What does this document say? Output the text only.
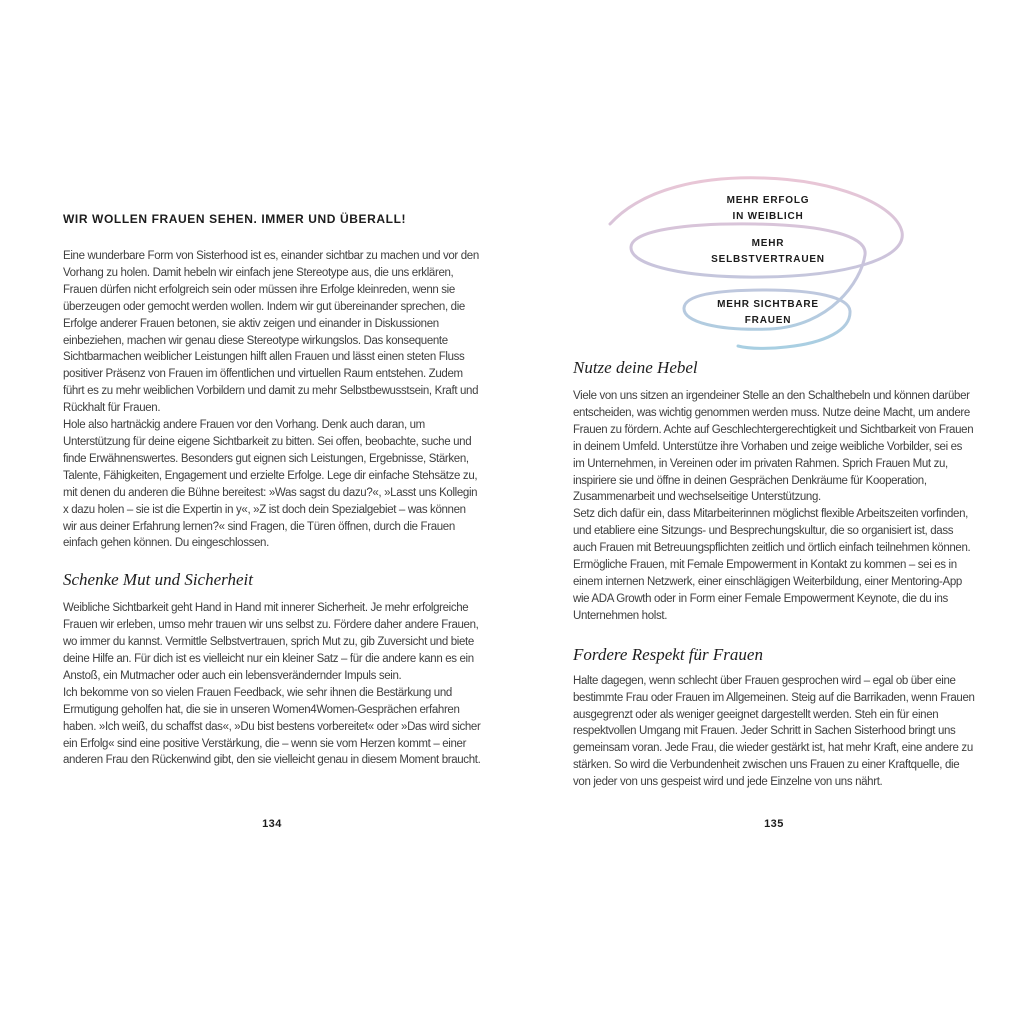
WIR WOLLEN FRAUEN SEHEN. IMMER UND ÜBERALL!

Eine wunderbare Form von Sisterhood ist es, einander sichtbar zu machen und vor den Vorhang zu holen. Damit hebeln wir einfach jene Stereotype aus, die uns erklären, Frauen dürfen nicht erfolgreich sein oder müssen ihre Erfolge kleinreden, wenn sie überzeugen oder gemocht werden wollen. Indem wir gut übereinander sprechen, die Erfolge anderer Frauen betonen, sie aktiv zeigen und einander in Diskussionen einbeziehen, machen wir genau diese Stereotype wirkungslos. Das konsequente Sichtbarmachen weiblicher Leistungen hilft allen Frauen und lässt einen steten Fluss positiver Präsenz von Frauen im öffentlichen und virtuellen Raum entstehen. Zudem führt es zu mehr weiblichen Vorbildern und damit zu mehr Selbstbewusstsein, Kraft und Rückhalt für Frauen.

Hole also hartnäckig andere Frauen vor den Vorhang. Denk auch daran, um Unterstützung für deine eigene Sichtbarkeit zu bitten. Sei offen, beobachte, suche und finde Erwähnenswertes. Besonders gut eignen sich Leistungen, Ergebnisse, Stärken, Talente, Fähigkeiten, Engagement und erzielte Erfolge. Lege dir einfache Stehsätze zu, mit denen du anderen die Bühne bereitest: »Was sagst du dazu?«, »Lasst uns Kollegin x dazu holen – sie ist die Expertin in y«, »Z ist doch dein Spezialgebiet – was können wir aus deiner Erfahrung lernen?« sind Fragen, die Türen öffnen, durch die Frauen einfach gehen können. Du eingeschlossen.

Schenke Mut und Sicherheit

Weibliche Sichtbarkeit geht Hand in Hand mit innerer Sicherheit. Je mehr erfolgreiche Frauen wir erleben, umso mehr trauen wir uns selbst zu. Fördere daher andere Frauen, wo immer du kannst. Vermittle Selbstvertrauen, sprich Mut zu, gib Zuversicht und biete deine Hilfe an. Für dich ist es vielleicht nur ein kleiner Satz – für die andere kann es ein Anstoß, ein Mutmacher oder auch ein lebensverändernder Impuls sein.

Ich bekomme von so vielen Frauen Feedback, wie sehr ihnen die Bestärkung und Ermutigung geholfen hat, die sie in unseren Women4Women-Gesprächen erfahren haben. »Ich weiß, du schaffst das«, »Du bist bestens vorbereitet« oder »Das wird sicher ein Erfolg« sind eine positive Verstärkung, die – wenn sie vom Herzen kommt – einer anderen Frau den Rückenwind gibt, den sie vielleicht genau in diesem Moment braucht.

MEHR ERFOLG
IN WEIBLICH
MEHR
SELBSTVERTRAUEN
MEHR SICHTBARE
FRAUEN
Nutze deine Hebel

Viele von uns sitzen an irgendeiner Stelle an den Schalthebeln und können darüber entscheiden, was wichtig genommen werden muss. Nutze deine Macht, um andere Frauen zu fördern. Achte auf Geschlechtergerechtigkeit und Sichtbarkeit von Frauen in deinem Umfeld. Unterstütze ihre Vorhaben und zeige weibliche Vorbilder, sei es im Unternehmen, in Vereinen oder im privaten Rahmen. Sprich Frauen Mut zu, inspiriere sie und öffne in deinen Gesprächen Denkräume für Kooperation, Zusammenarbeit und wechselseitige Unterstützung.

Setz dich dafür ein, dass Mitarbeiterinnen möglichst flexible Arbeitszeiten vorfinden, und etabliere eine Sitzungs- und Besprechungskultur, die so organisiert ist, dass auch Frauen mit Betreuungspflichten zeitlich und örtlich einfach teilnehmen können.

Ermögliche Frauen, mit Female Empowerment in Kontakt zu kommen – sei es in einem internen Netzwerk, einer einschlägigen Weiterbildung, einer Mentoring-App wie ADA Growth oder in Form einer Female Empowerment Keynote, die du ins Unternehmen holst.

Fordere Respekt für Frauen

Halte dagegen, wenn schlecht über Frauen gesprochen wird – egal ob über eine bestimmte Frau oder Frauen im Allgemeinen. Steig auf die Barrikaden, wenn Frauen ausgegrenzt oder als weniger geeignet dargestellt werden. Steh ein für einen respektvollen Umgang mit Frauen. Jeder Schritt in Sachen Sisterhood bringt uns gemeinsam voran. Jede Frau, die wieder gestärkt ist, hat mehr Kraft, eine andere zu stärken. So wird die Verbundenheit zwischen uns Frauen zu einer Kraftquelle, die von jeder von uns gespeist wird und jede Einzelne von uns nährt.

134	135
